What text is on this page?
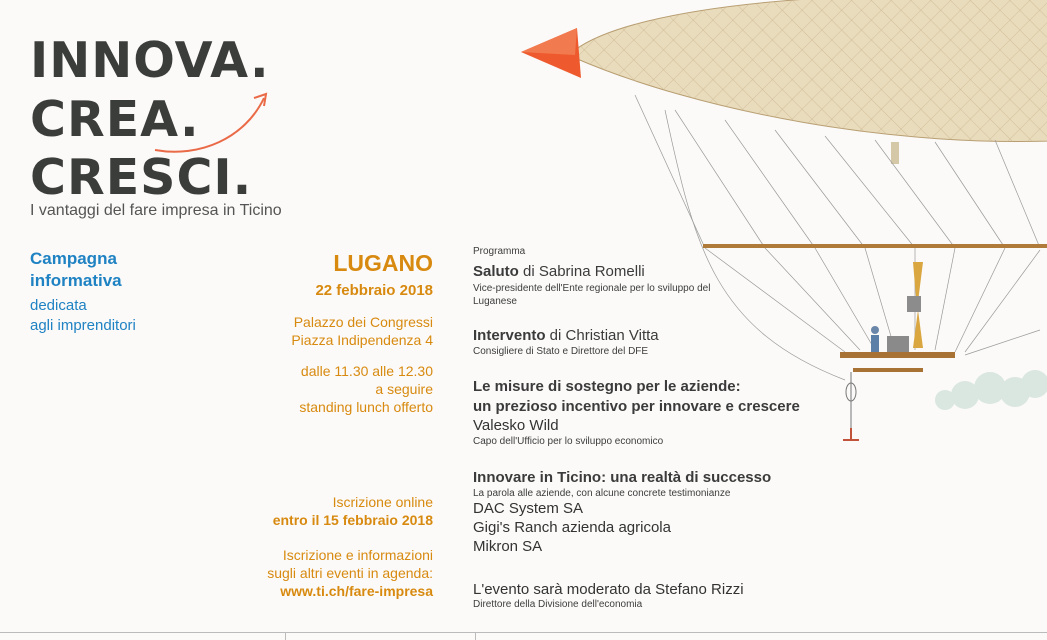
INNOVA.
CREA.
CRESCI.
I vantaggi del fare impresa in Ticino
Campagna
informativa
dedicata
agli imprenditori
LUGANO
22 febbraio 2018
Palazzo dei Congressi
Piazza Indipendenza 4
dalle 11.30 alle 12.30
a seguire
standing lunch offerto
Iscrizione online
entro il 15 febbraio 2018
Iscrizione e informazioni
sugli altri eventi in agenda:
www.ti.ch/fare-impresa
Programma
Saluto di Sabrina Romelli
Vice-presidente dell'Ente regionale per lo sviluppo del Luganese
Intervento di Christian Vitta
Consigliere di Stato e Direttore del DFE
Le misure di sostegno per le aziende:
un prezioso incentivo per innovare e crescere
Valesko Wild
Capo dell'Ufficio per lo sviluppo economico
Innovare in Ticino: una realtà di successo
La parola alle aziende, con alcune concrete testimonianze
DAC System SA
Gigi's Ranch azienda agricola
Mikron SA
L'evento sarà moderato da Stefano Rizzi
Direttore della Divisione dell'economia
